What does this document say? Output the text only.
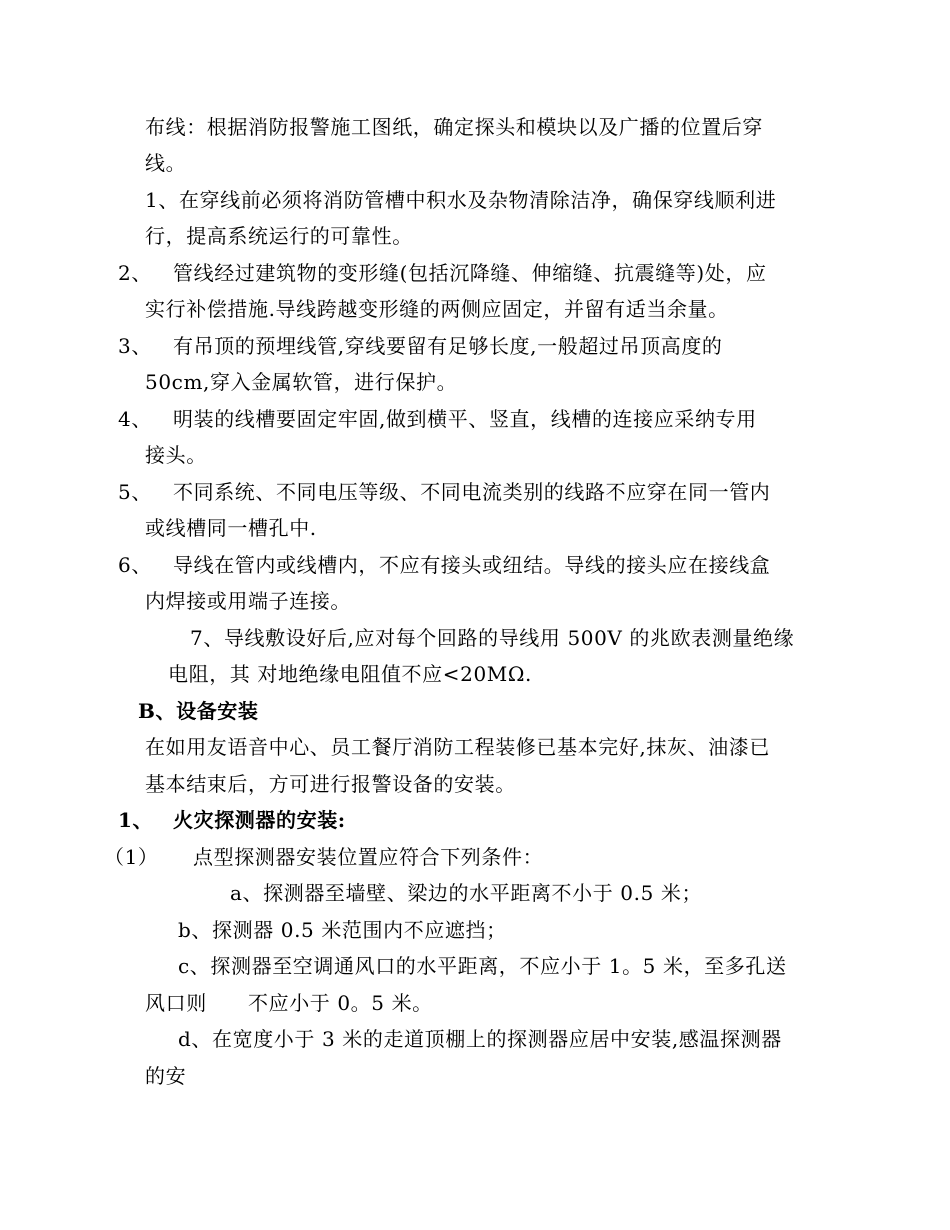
布线：根据消防报警施工图纸，确定探头和模块以及广播的位置后穿
线。
1、在穿线前必须将消防管槽中积水及杂物清除洁净，确保穿线顺利进
行，提高系统运行的可靠性。
2、 管线经过建筑物的变形缝(包括沉降缝、伸缩缝、抗震缝等)处，应
实行补偿措施.导线跨越变形缝的两侧应固定，并留有适当余量。
3、 有吊顶的预埋线管,穿线要留有足够长度,一般超过吊顶高度的
50cm,穿入金属软管，进行保护。
4、 明装的线槽要固定牢固,做到横平、竖直，线槽的连接应采纳专用
接头。
5、 不同系统、不同电压等级、不同电流类别的线路不应穿在同一管内
或线槽同一槽孔中.
6、 导线在管内或线槽内，不应有接头或纽结。导线的接头应在接线盒
内焊接或用端子连接。
7、导线敷设好后,应对每个回路的导线用 500V 的兆欧表测量绝缘
电阻，其 对地绝缘电阻值不应<20MΩ.
B、设备安装
在如用友语音中心、员工餐厅消防工程装修已基本完好,抹灰、油漆已
基本结束后，方可进行报警设备的安装。
1、 火灾探测器的安装:
（1） 点型探测器安装位置应符合下列条件：
a、探测器至墙壁、梁边的水平距离不小于 0.5 米；
b、探测器 0.5 米范围内不应遮挡；
c、探测器至空调通风口的水平距离，不应小于 1。5 米，至多孔送
风口则　　不应小于 0。5 米。
d、在宽度小于 3 米的走道顶棚上的探测器应居中安装,感温探测器
的安
